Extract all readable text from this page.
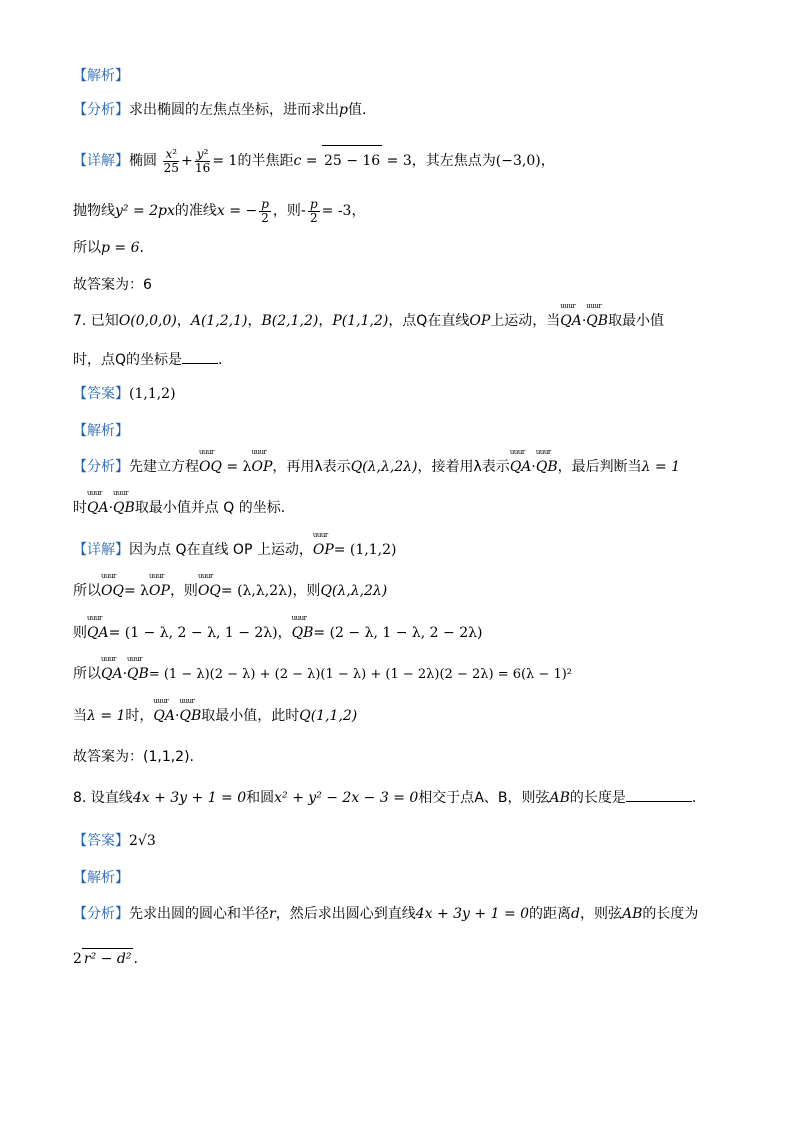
【解析】
【分析】求出椭圆的左焦点坐标，进而求出p值.
【详解】椭圆 $\frac{\text{x²}}{25} + \frac{\text{y²}}{16} = 1$的半焦距c = 25 − 16 = 3，其左焦点为(−3,0)，
抛物线y² = 2px的准线x = − $\frac{p}{2}$ ，则- $\frac{p}{2} = -3$，
所以p = 6.
故答案为：6
7. 已知O(0,0,0)，A(1,2,1)，B(2,1,2)，P(1,1,2)，点Q在直线OP上运动，当uuur QA·uuur QB取最小值
时，点Q的坐标是	.
【答案】(1,1,2)
【解析】
【分析】先建立方程uuur OQ = λuuur OP，再用λ表示Q(λ,λ,2λ)，接着用λ表示uuur QA·uuur QB，最后判断当λ = 1
时uuur QA·uuur QB取最小值并点 Q 的坐标.
【详解】因为点 Q在直线 OP 上运动，uuur OP= (1,1,2)
所以uuur OQ= λuuur OP，则uuur OQ= (λ,λ,2λ)，则Q(λ,λ,2λ)
则uuur QA= (1 − λ, 2 − λ, 1 − 2λ)，uuur QB= (2 − λ, 1 − λ, 2 − 2λ)
所以uuur QA·uuur QB= (1 − λ)(2 − λ) + (2 − λ)(1 − λ) + (1 − 2λ)(2 − 2λ) = 6(λ − 1)²
当λ = 1时，uuur QA·uuur QB取最小值，此时Q(1,1,2)
故答案为：(1,1,2).
8. 设直线4x + 3y + 1 = 0和圆x² + y² − 2x − 3 = 0相交于点A、B，则弦AB的长度是	.
【答案】2√3
【解析】
【分析】先求出圆的圆心和半径r，然后求出圆心到直线4x + 3y + 1 = 0的距离d，则弦AB的长度为
2 r² − d² .
